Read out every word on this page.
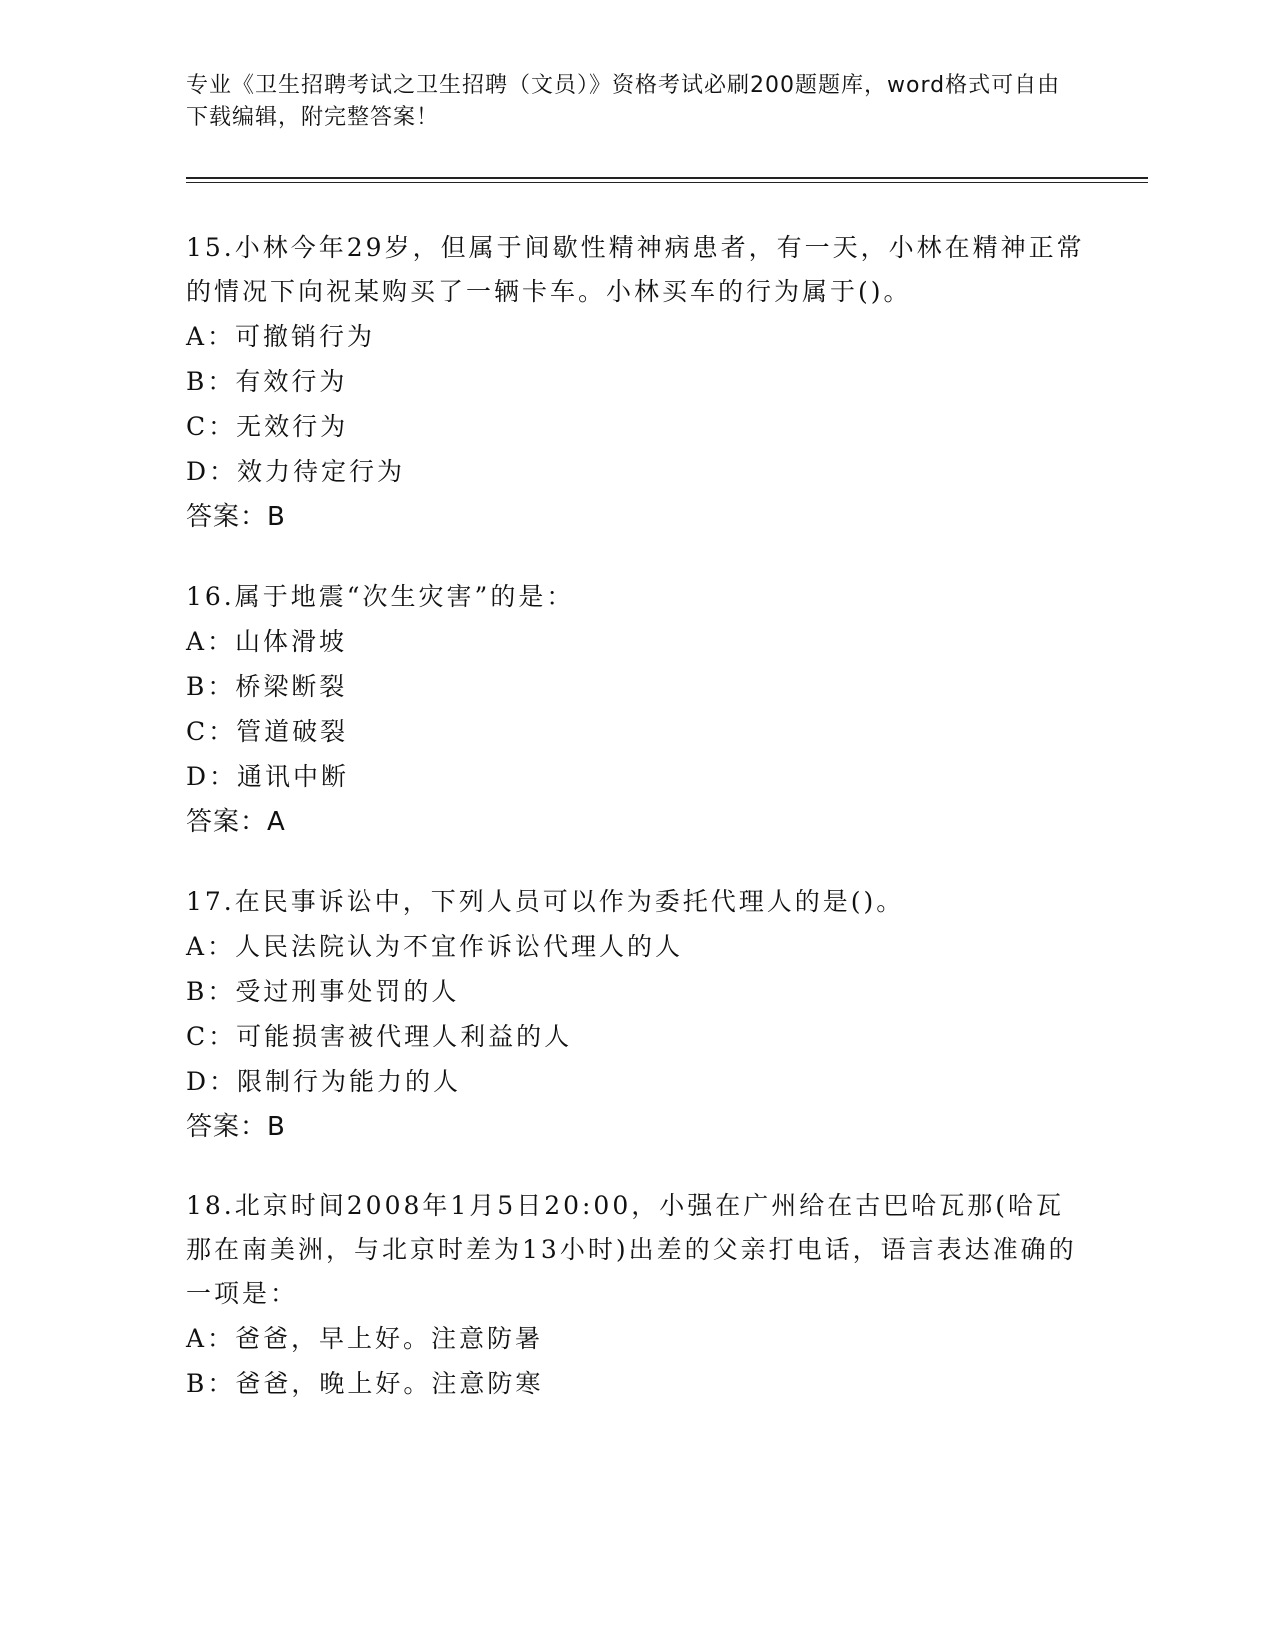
专业《卫生招聘考试之卫生招聘（文员）》资格考试必刷200题题库，word格式可自由下载编辑，附完整答案！
15.小林今年29岁，但属于间歇性精神病患者，有一天，小林在精神正常的情况下向祝某购买了一辆卡车。小林买车的行为属于()。
A：可撤销行为
B：有效行为
C：无效行为
D：效力待定行为
答案：B
16.属于地震“次生灾害”的是：
A：山体滑坡
B：桥梁断裂
C：管道破裂
D：通讯中断
答案：A
17.在民事诉讼中，下列人员可以作为委托代理人的是()。
A：人民法院认为不宜作诉讼代理人的人
B：受过刑事处罚的人
C：可能损害被代理人利益的人
D：限制行为能力的人
答案：B
18.北京时间2008年1月5日20:00，小强在广州给在古巴哈瓦那(哈瓦那在南美洲，与北京时差为13小时)出差的父亲打电话，语言表达准确的一项是：
A：爸爸，早上好。注意防暑
B：爸爸，晚上好。注意防寒
